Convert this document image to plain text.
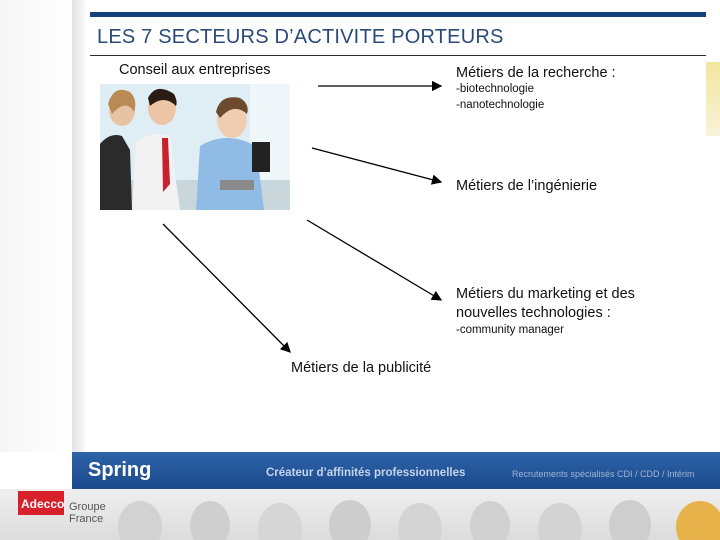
LES 7 SECTEURS D’ACTIVITE PORTEURS
Conseil aux entreprises	Métiers de la recherche :
-biotechnologie
-nanotechnologie
Métiers de l’ingénierie
Métiers du marketing et des
nouvelles technologies :
-community manager
Métiers de la publicité
Spring	Créateur d’affinités professionnelles	Recrutements spécialisés CDI / CDD / Intérim
Adecco Groupe
France
